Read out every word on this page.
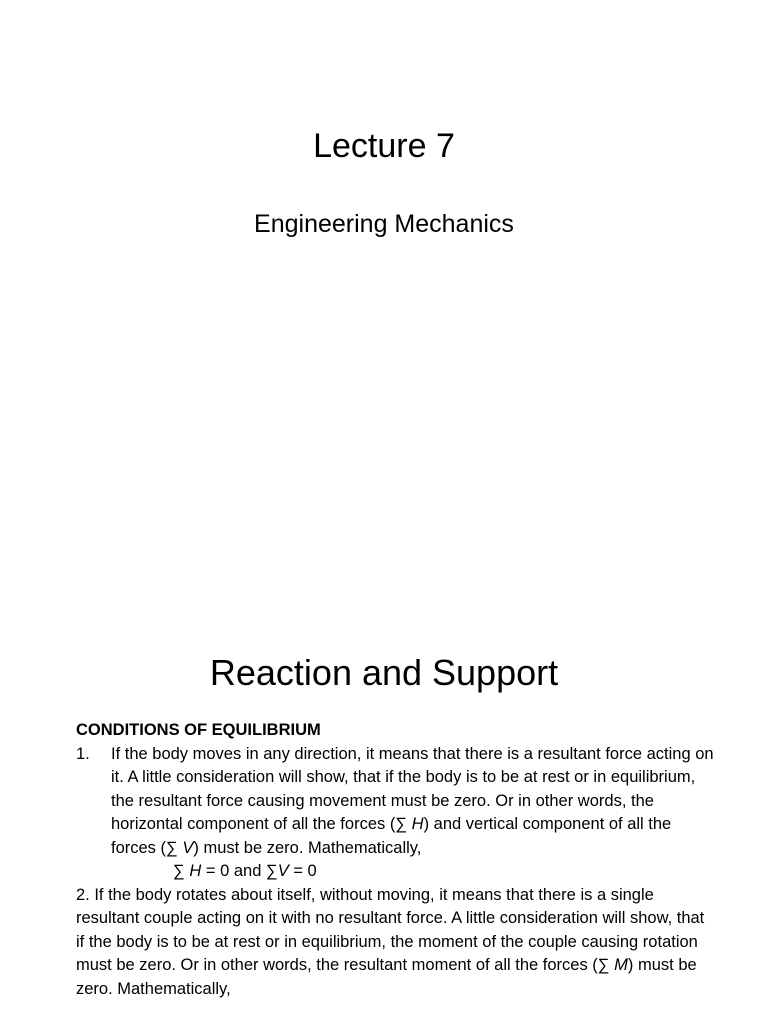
Lecture 7
Engineering Mechanics
Reaction and Support

CONDITIONS OF EQUILIBRIUM

1.	If the body moves in any direction, it means that there is a resultant force acting on it. A little consideration will show, that if the body is to be at rest or in equilibrium, the resultant force causing movement must be zero. Or in other words, the horizontal component of all the forces (∑ H) and vertical component of all the forces (∑ V) must be zero. Mathematically,

∑ H = 0 and ∑V = 0

2. If the body rotates about itself, without moving, it means that there is a single resultant couple acting on it with no resultant force. A little consideration will show, that if the body is to be at rest or in equilibrium, the moment of the couple causing rotation must be zero. Or in other words, the resultant moment of all the forces (∑ M) must be zero. Mathematically,
